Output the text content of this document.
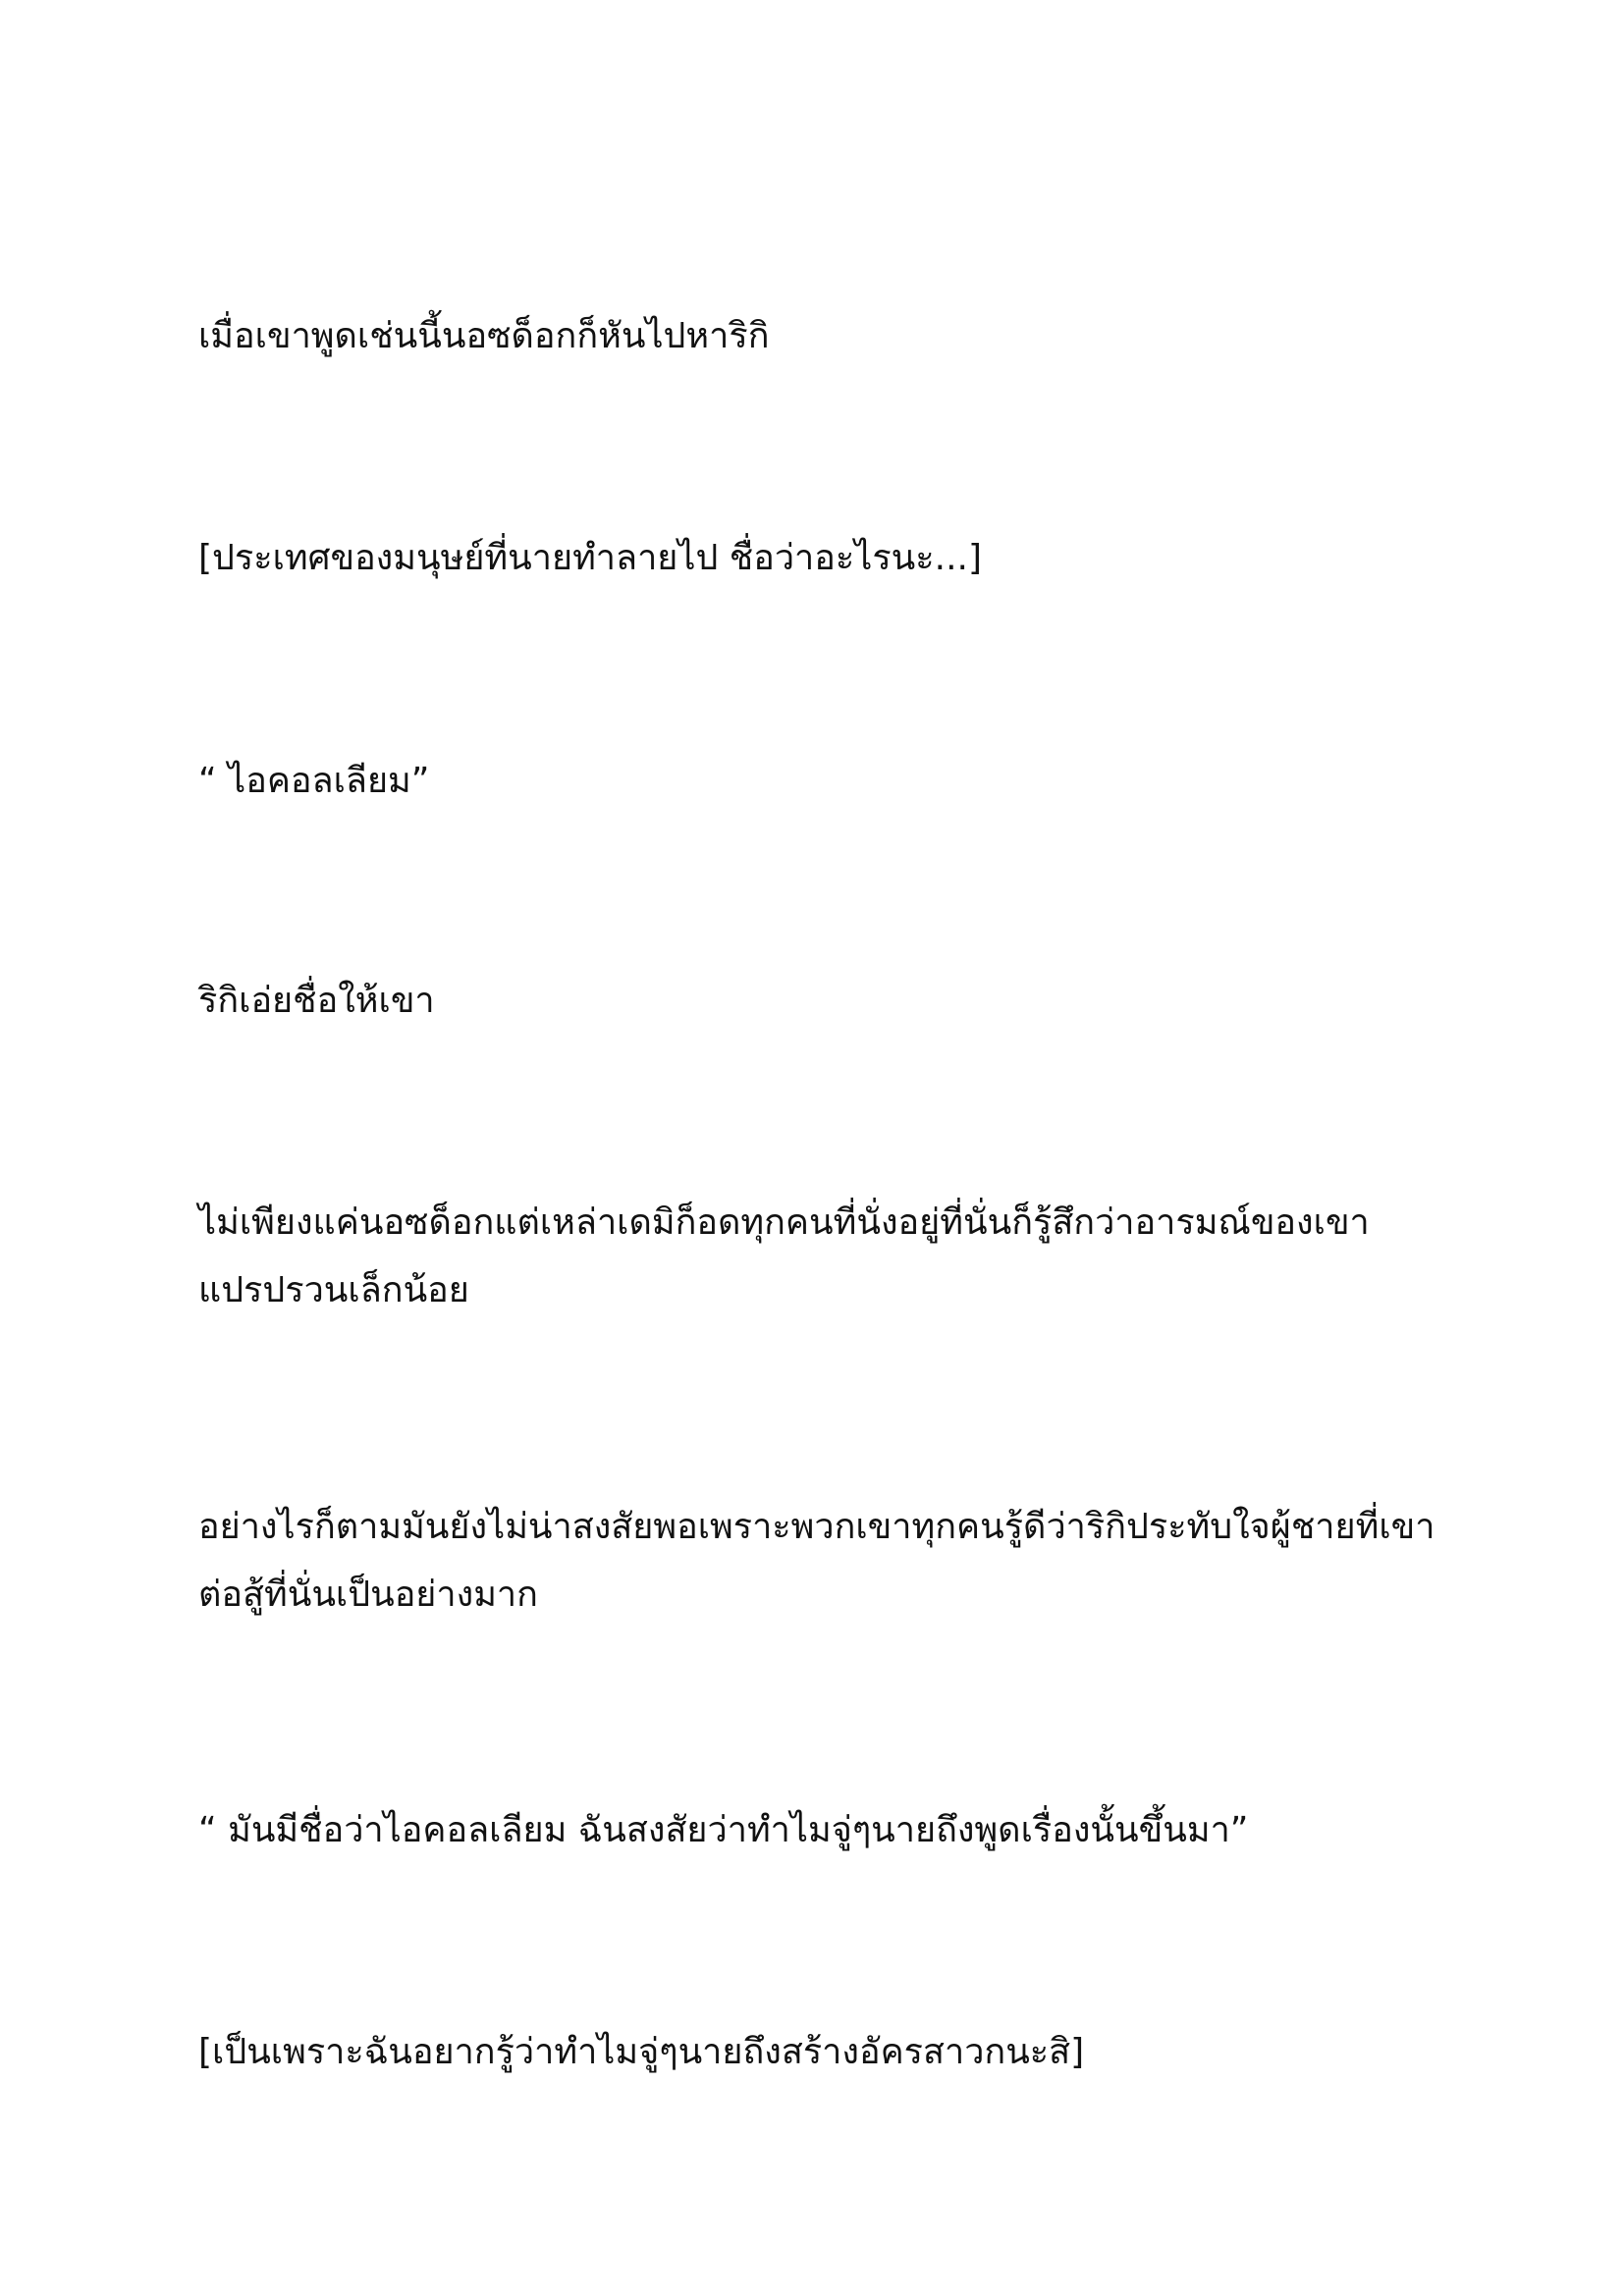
เมื่อเขาพูดเช่นนี้นอซด็อกก็หันไปหาริกิ

[ประเทศของมนุษย์ที่นายทำลายไป ชื่อว่าอะไรนะ...]

“ ไอคอลเลียม”

ริกิเอ่ยชื่อให้เขา

ไม่เพียงแค่นอซด็อกแต่เหล่าเดมิก็อดทุกคนที่นั่งอยู่ที่นั่นก็รู้สึกว่าอารมณ์ของเขา
แปรปรวนเล็กน้อย

อย่างไรก็ตามมันยังไม่น่าสงสัยพอเพราะพวกเขาทุกคนรู้ดีว่าริกิประทับใจผู้ชายที่เขา
ต่อสู้ที่นั่นเป็นอย่างมาก

“ มันมีชื่อว่าไอคอลเลียม ฉันสงสัยว่าทำไมจู่ๆนายถึงพูดเรื่องนั้นขึ้นมา”

[เป็นเพราะฉันอยากรู้ว่าทำไมจู่ๆนายถึงสร้างอัครสาวกนะสิ]
